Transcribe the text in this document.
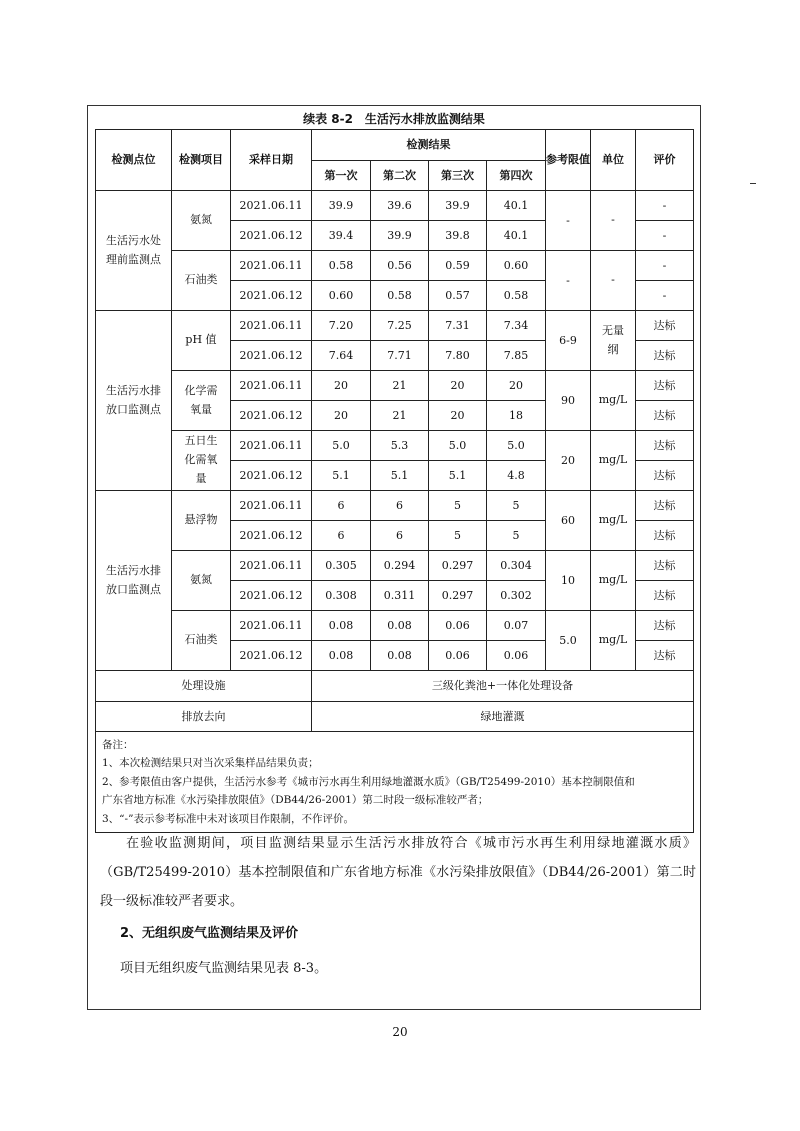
续表 8-2　生活污水排放监测结果
检测点位	检测项目	采样日期	检测结果				参考限值	单位	评价
			第一次	第二次	第三次	第四次			
生活污水处理前监测点	氨氮	2021.06.11	39.9	39.6	39.9	40.1	-	-	-
		2021.06.12	39.4	39.9	39.8	40.1			-
	石油类	2021.06.11	0.58	0.56	0.59	0.60	-	-	-
		2021.06.12	0.60	0.58	0.57	0.58			-
生活污水排放口监测点	pH 值	2021.06.11	7.20	7.25	7.31	7.34	6-9	无量纲	达标
		2021.06.12	7.64	7.71	7.80	7.85			达标
	化学需氧量	2021.06.11	20	21	20	20	90	mg/L	达标
		2021.06.12	20	21	20	18			达标
	五日生化需氧量	2021.06.11	5.0	5.3	5.0	5.0	20	mg/L	达标
		2021.06.12	5.1	5.1	5.1	4.8			达标
生活污水排放口监测点	悬浮物	2021.06.11	6	6	5	5	60	mg/L	达标
		2021.06.12	6	6	5	5			达标
	氨氮	2021.06.11	0.305	0.294	0.297	0.304	10	mg/L	达标
		2021.06.12	0.308	0.311	0.297	0.302			达标
	石油类	2021.06.11	0.08	0.08	0.06	0.07	5.0	mg/L	达标
		2021.06.12	0.08	0.08	0.06	0.06			达标
处理设施			三级化粪池+一体化处理设备						
排放去向			绿地灌溉						

备注：
1、本次检测结果只对当次采集样品结果负责；
2、参考限值由客户提供，生活污水参考《城市污水再生利用绿地灌溉水质》（GB/T25499-2010）基本控制限值和
广东省地方标准《水污染排放限值》（DB44/26-2001）第二时段一级标准较严者；
3、“-”表示参考标准中未对该项目作限制，不作评价。									
在验收监测期间，项目监测结果显示生活污水排放符合《城市污水再生利用绿地灌溉水质》（GB/T25499-2010）基本控制限值和广东省地方标准《水污染排放限值》（DB44/26-2001）第二时段一级标准较严者要求。
2、无组织废气监测结果及评价
项目无组织废气监测结果见表 8-3。
20
